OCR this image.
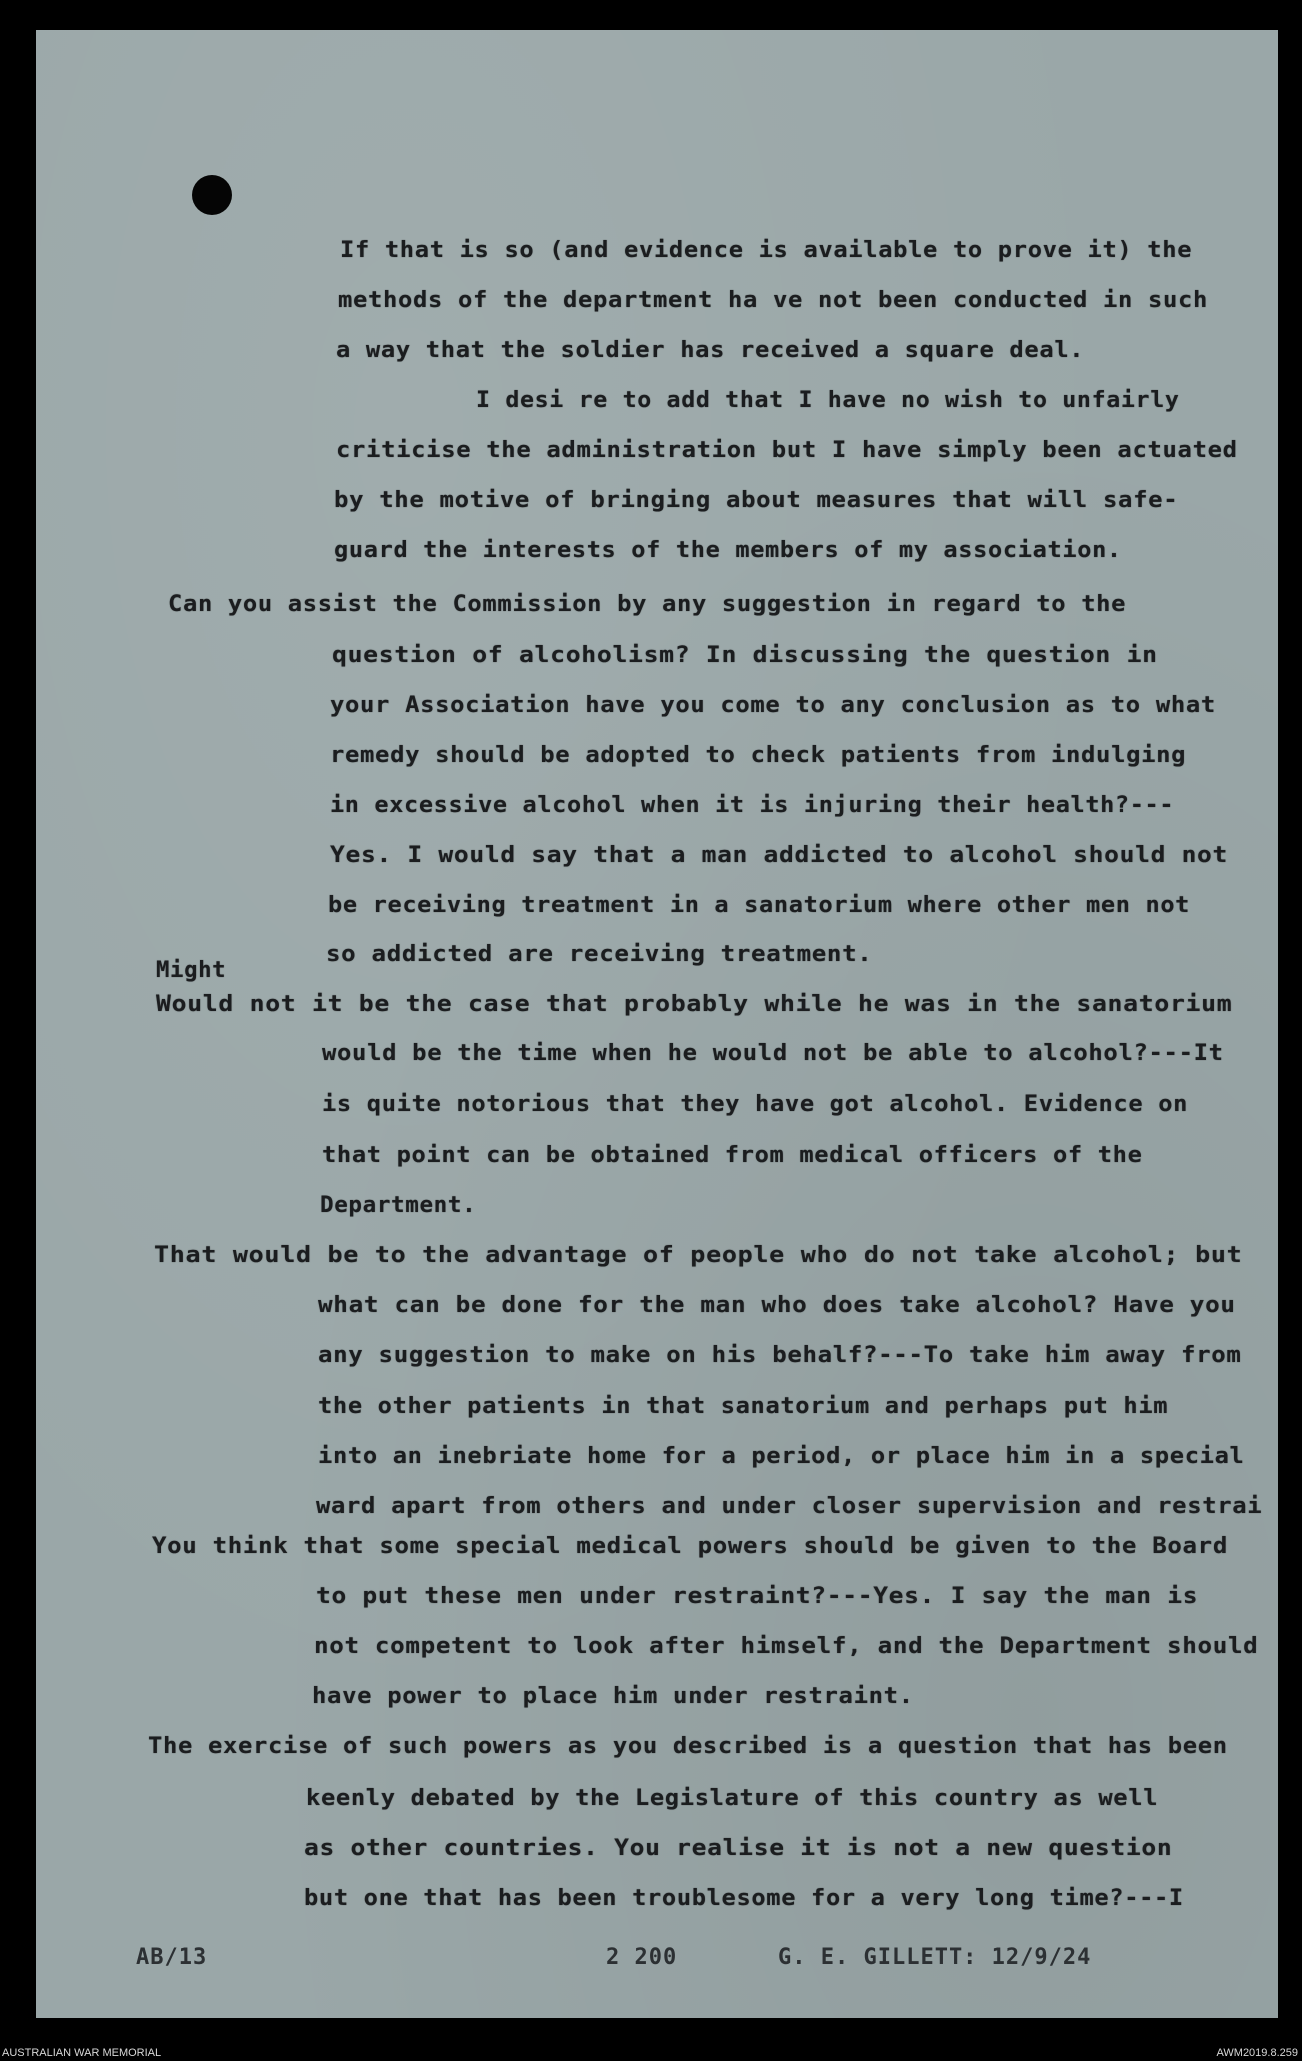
If that is so (and evidence is available to prove it) the
methods of the department ha ve not been conducted in such
a way that the soldier has received a square deal.
I desi re to add that I have no wish to unfairly
criticise the administration but I have simply been actuated
by the motive of bringing about measures that will safe-
guard the interests of the members of my association.
Can you assist the Commission by any suggestion in regard to the
question of alcoholism? In discussing the question in
your Association have you come to any conclusion as to what
remedy should be adopted to check patients from indulging
in excessive alcohol when it is injuring their health?---
Yes. I would say that a man addicted to alcohol should not
be receiving treatment in a sanatorium where other men not
so addicted are receiving treatment.
Might
Would not it be the case that probably while he was in the sanatorium
would be the time when he would not be able to alcohol?---It
is quite notorious that they have got alcohol. Evidence on
that point can be obtained from medical officers of the
Department.
That would be to the advantage of people who do not take alcohol; but
what can be done for the man who does take alcohol? Have you
any suggestion to make on his behalf?---To take him away from
the other patients in that sanatorium and perhaps put him
into an inebriate home for a period, or place him in a special
ward apart from others and under closer supervision and restrai
You think that some special medical powers should be given to the Board
to put these men under restraint?---Yes. I say the man is
not competent to look after himself, and the Department should
have power to place him under restraint.
The exercise of such powers as you described is a question that has been
keenly debated by the Legislature of this country as well
as other countries. You realise it is not a new question
but one that has been troublesome for a very long time?---I
AB/13	2 200	G. E. GILLETT: 12/9/24
AUSTRALIAN WAR MEMORIAL	AWM2019.8.259
